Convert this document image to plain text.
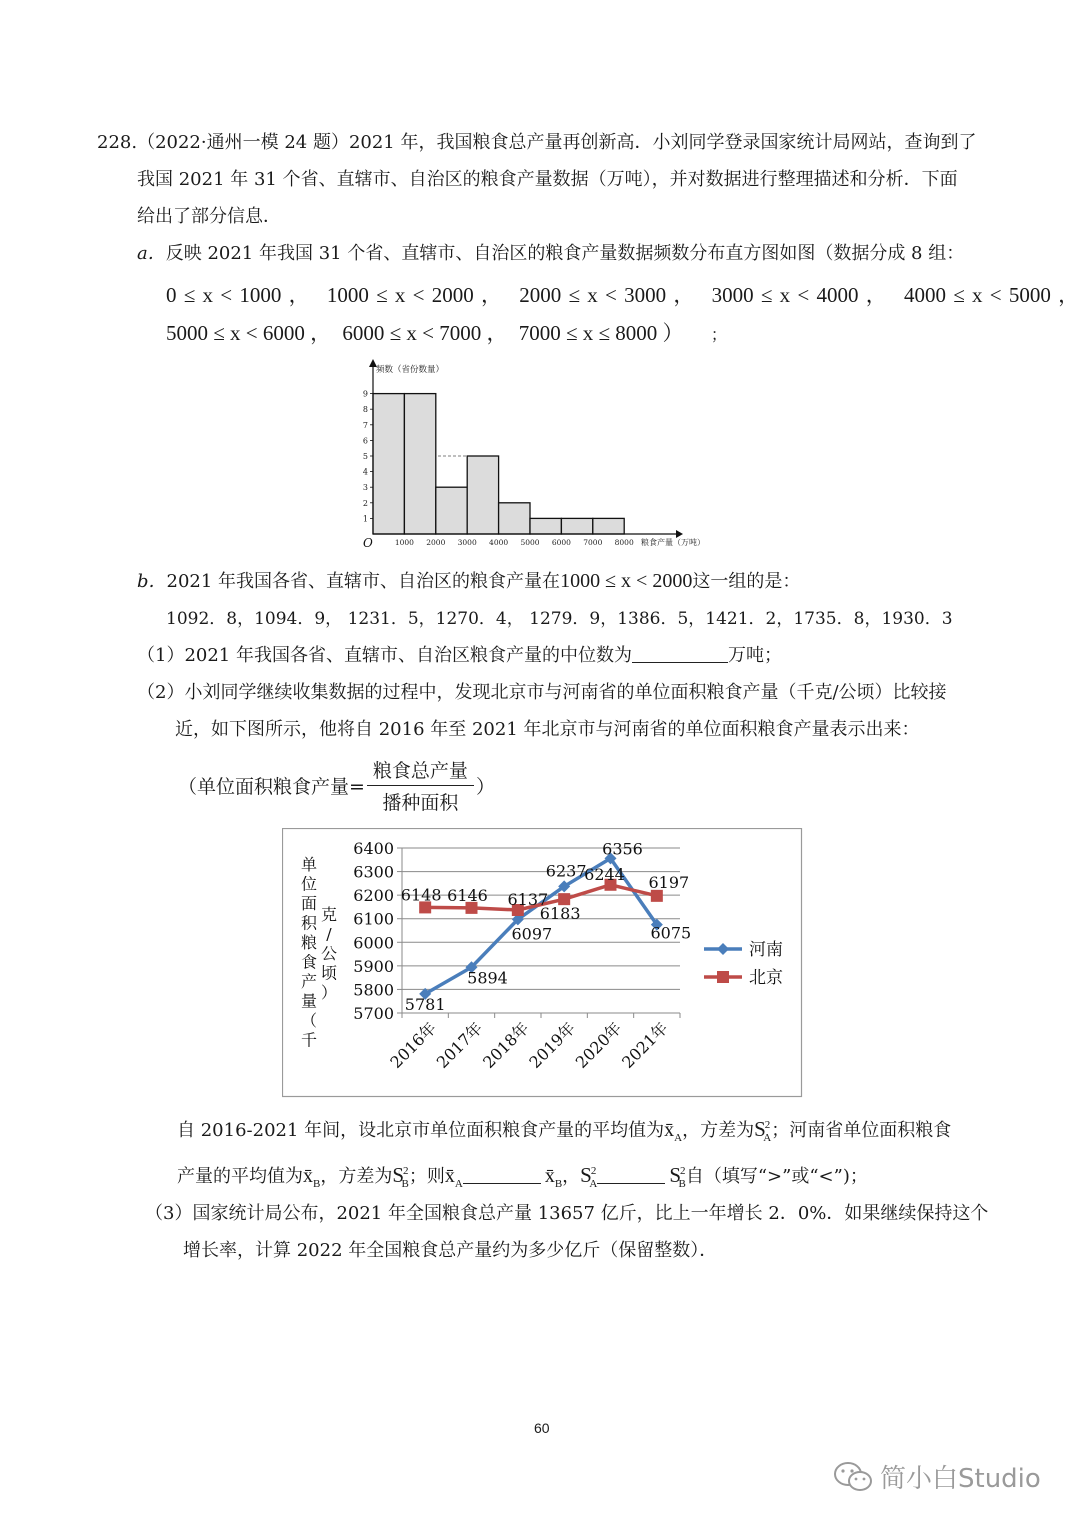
228.（2022·通州一模 24 题）2021 年，我国粮食总产量再创新高．小刘同学登录国家统计局网站，查询到了
我国 2021 年 31 个省、直辖市、自治区的粮食产量数据（万吨），并对数据进行整理描述和分析．下面
给出了部分信息．
a．反映 2021 年我国 31 个省、直辖市、自治区的粮食产量数据频数分布直方图如图（数据分成 8 组：
0 ≤ x < 1000 ， 1000 ≤ x < 2000 ， 2000 ≤ x < 3000 ， 3000 ≤ x < 4000 ， 4000 ≤ x < 5000 ，
5000 ≤ x < 6000 ， 6000 ≤ x < 7000 ， 7000 ≤ x ≤ 8000 ） ；
1
2
3
4
5
6
7
8
9
1000 2000 3000 4000 5000 6000 7000 8000
O
频数（省份数量）
粮食产量（万吨）
b．2021 年我国各省、直辖市、自治区的粮食产量在1000 ≤ x < 2000这一组的是：
1092．8，1094．9， 1231．5，1270．4， 1279．9，1386．5，1421．2，1735．8，1930．3
（1）2021 年我国各省、直辖市、自治区粮食产量的中位数为	万吨；
（2）小刘同学继续收集数据的过程中，发现北京市与河南省的单位面积粮食产量（千克/公顷）比较接
近，如下图所示，他将自 2016 年至 2021 年北京市与河南省的单位面积粮食产量表示出来：
（单位面积粮食产量= $\frac{\text{粮食总产量}}{\text{播种面积}}$ ）
5700
5800
5900
6000
6100
6200
6300
6400
2016年
2017年
2018年
2019年
2020年
2021年
单
位
面
积
粮
食
产
量
（
千
克
/
公
顷
）
5781
5894
6097
6237
6356
6075
6148 6146 6137
6183
6244 6197
河南
北京
自 2016-2021 年间，设北京市单位面积粮食产量的平均值为$x̄_A$，方差为$S^2_A$；河南省单位面积粮食
产量的平均值为$x̄_B$，方差为$S^2_B$；则$x̄_A$	$x̄_B$，$S^2_A$	$S^2_B$自（填写“>”或“<”)；
（3）国家统计局公布，2021 年全国粮食总产量 13657 亿斤，比上一年增长 2．0%．如果继续保持这个
增长率，计算 2022 年全国粮食总产量约为多少亿斤（保留整数）．
60
简小白Studio
